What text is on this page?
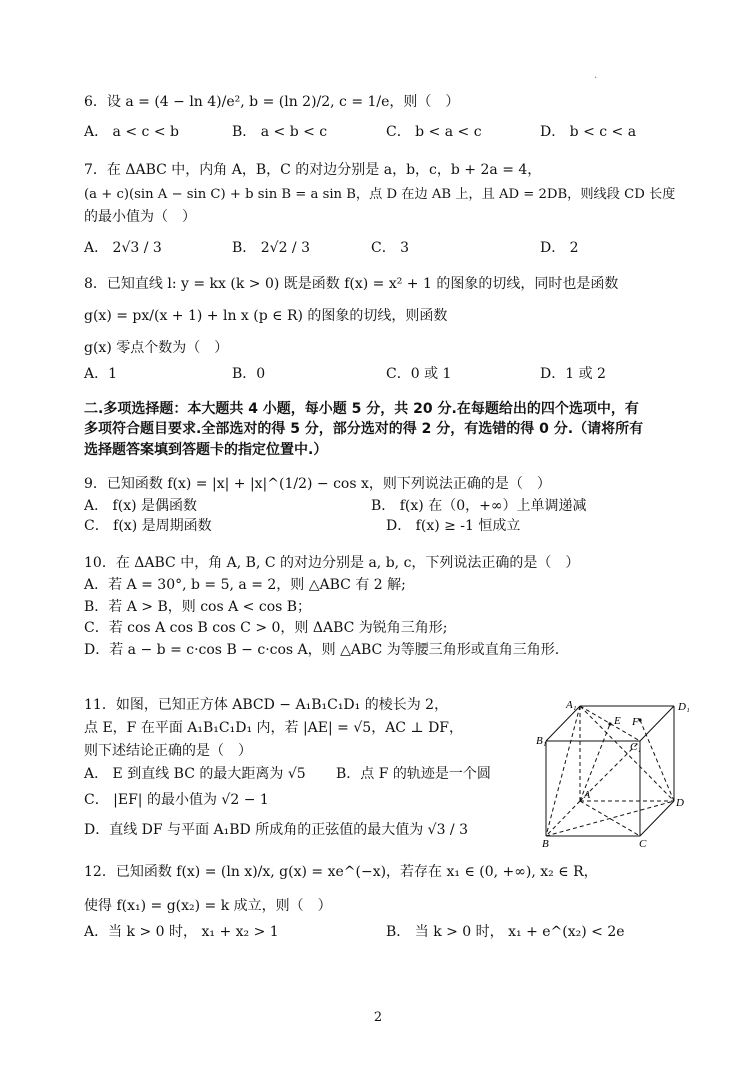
.
6．设 a = (4 − ln 4)/e², b = (ln 2)/2, c = 1/e，则（　）
A． a < c < b	B． a < b < c	C． b < a < c	D． b < c < a
7．在 ΔABC 中，内角 A，B，C 的对边分别是 a，b，c，b + 2a = 4，
(a + c)(sin A − sin C) + b sin B = a sin B，点 D 在边 AB 上，且 AD = 2DB，则线段 CD 长度
的最小值为（　）
A． 2√3 / 3	B． 2√2 / 3	C． 3	D． 2
8．已知直线 l: y = kx (k > 0) 既是函数 f(x) = x² + 1 的图象的切线，同时也是函数
g(x) = px/(x + 1) + ln x (p ∈ R) 的图象的切线，则函数
g(x) 零点个数为（　）
A．1	B．0	C．0 或 1	D．1 或 2
二.多项选择题：本大题共 4 小题，每小题 5 分，共 20 分.在每题给出的四个选项中，有
多项符合题目要求.全部选对的得 5 分，部分选对的得 2 分，有选错的得 0 分.（请将所有
选择题答案填到答题卡的指定位置中.）
9．已知函数 f(x) = |x| + |x|^(1/2) − cos x，则下列说法正确的是（　）
A． f(x) 是偶函数	B． f(x) 在（0，+∞）上单调递减
C． f(x) 是周期函数	D． f(x) ≥ -1 恒成立
10．在 ΔABC 中，角 A, B, C 的对边分别是 a, b, c，下列说法正确的是（　）
A．若 A = 30°, b = 5, a = 2，则 △ABC 有 2 解;
B．若 A > B，则 cos A < cos B；
C．若 cos A cos B cos C > 0，则 ΔABC 为锐角三角形;
D．若 a − b = c·cos B − c·cos A，则 △ABC 为等腰三角形或直角三角形.
11．如图，已知正方体 ABCD − A₁B₁C₁D₁ 的棱长为 2，
点 E，F 在平面 A₁B₁C₁D₁ 内，若 |AE| = √5，AC ⊥ DF，
则下述结论正确的是（　）
A． E 到直线 BC 的最大距离为 √5 B．点 F 的轨迹是一个圆
C． |EF| 的最小值为 √2 − 1
D．直线 DF 与平面 A₁BD 所成角的正弦值的最大值为 √3 / 3
A₁	D₁
B₁	C₁
E F
A
D
B	C
12．已知函数 f(x) = (ln x)/x, g(x) = xe^(−x)，若存在 x₁ ∈ (0, +∞), x₂ ∈ R，
使得 f(x₁) = g(x₂) = k 成立，则（　）
A．当 k > 0 时， x₁ + x₂ > 1	B． 当 k > 0 时， x₁ + e^(x₂) < 2e
2
